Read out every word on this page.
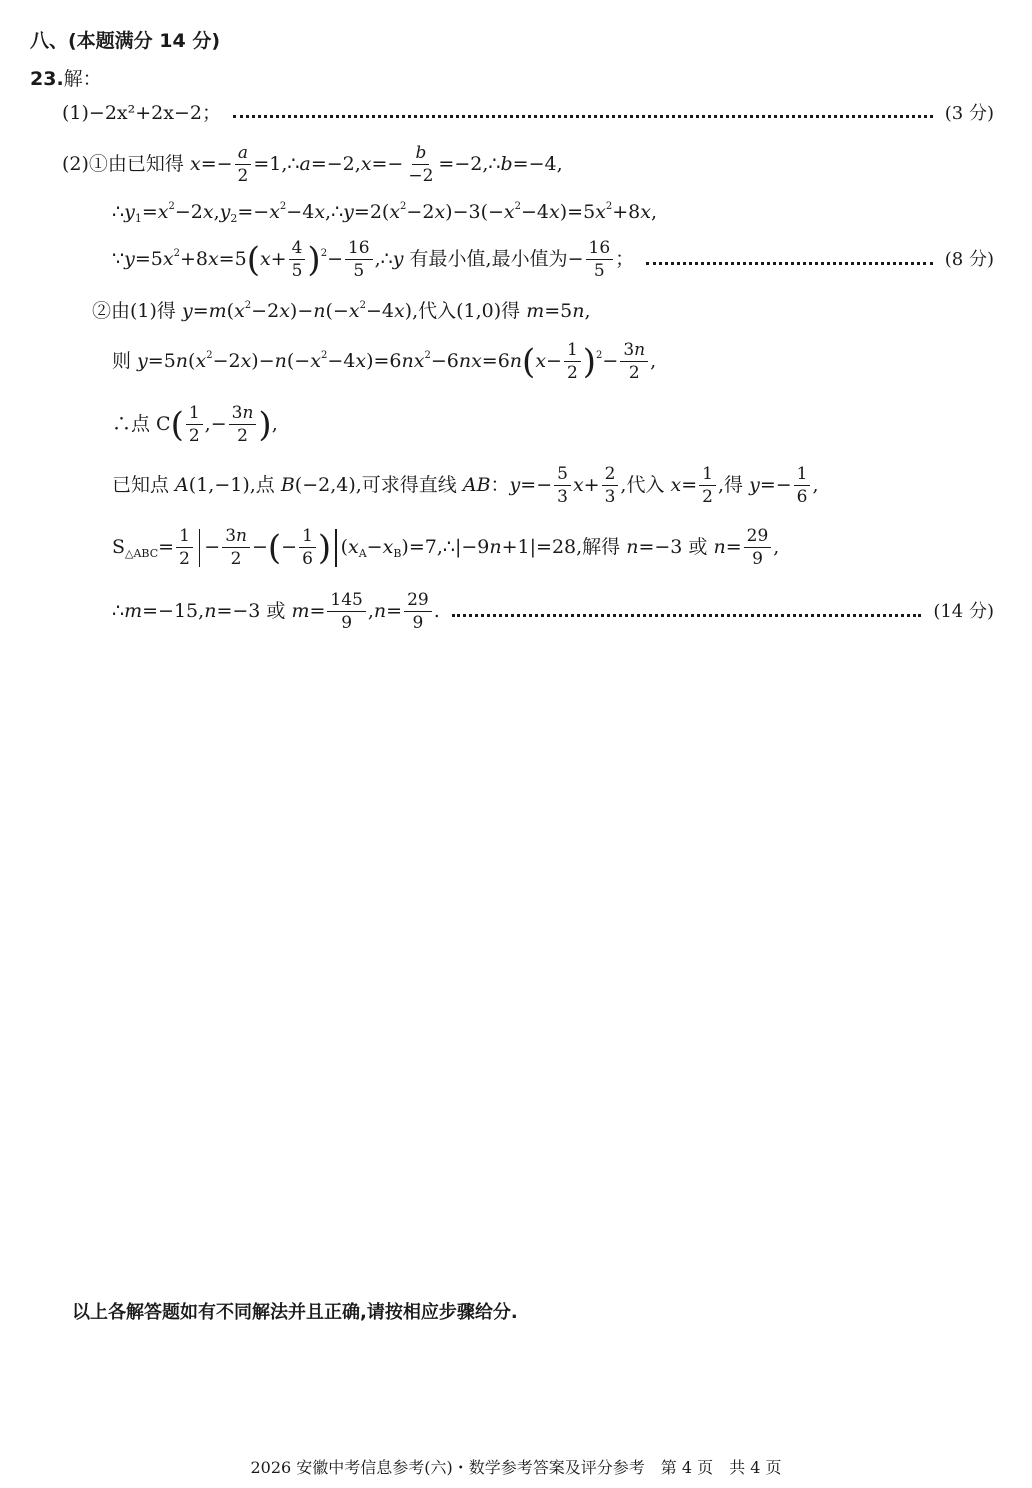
八、(本题满分 14 分)
23.解：
(1)−2x²+2x−2；	(3 分)
(2)①由已知得 $x=- \frac{a}{2}$ =1,∴a=−2,x=− $\frac{b}{-2}$ =−2,∴b=−4,
$\therefore y_1=x^2-2x,y_2=-x^2-4x,\therefore y=2(x^2-2x)-3(-x^2-4x)=5x^2+8x$,
$\because y=5x^2+8x=5(x+ \frac{4}{5} )^2- \frac{16}{5}$ ,∴y 有最小值,最小值为− $\frac{16}{5}$ ；	(8 分)
②由(1)得 $y=m(x^2-2x)-n(-x^2-4x)$,代入(1,0)得 m=5n,
则 $y=5n(x^2-2x)-n(-x^2-4x)=6nx^2-6nx=6n(x- \frac{1}{2} )^2- \frac{3n}{2}$ ,
∴点 $C( \frac{1}{2}$ ,− $\frac{3n}{2}$ ),
已知点 A(1,−1),点 B(−2,4),可求得直线 AB：$y=- \frac{5}{3} x+ \frac{2}{3}$ ,代入 $x= \frac{1}{2}$ ,得 $y=- \frac{1}{6}$ ,
$S_{\triangle ABC}= \frac{1}{2} - \frac{3n}{2}$ −(− $\frac{1}{6}$ ) $(x_A-x_B)=7,\therefore|-9n+1|=28$,解得 n=−3 或 $n= \frac{29}{9}$ ,
∴m=−15,n=−3 或 $m= \frac{145}{9} ,n= \frac{29}{9}$ .	(14 分)
以上各解答题如有不同解法并且正确,请按相应步骤给分.
2026 安徽中考信息参考(六)・数学参考答案及评分参考　第 4 页　共 4 页
